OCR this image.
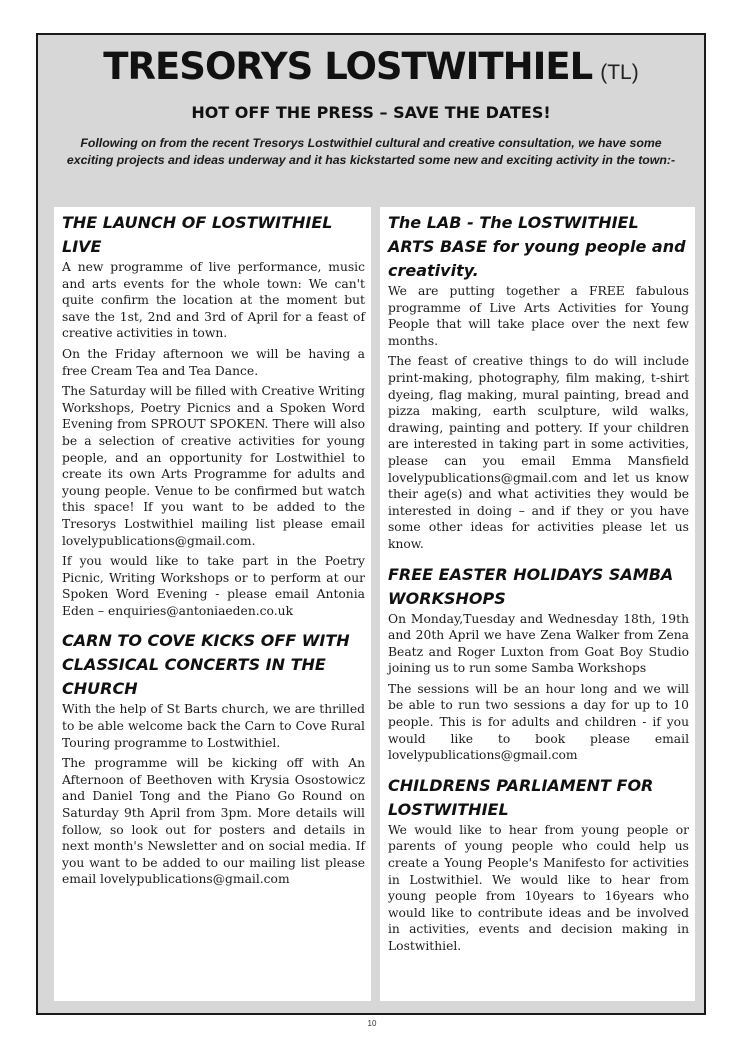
TRESORYS LOSTWITHIEL (TL)
HOT OFF THE PRESS – SAVE THE DATES!
Following on from the recent Tresorys Lostwithiel cultural and creative consultation, we have some exciting projects and ideas underway and it has kickstarted some new and exciting activity in the town:-
THE LAUNCH OF LOSTWITHIEL LIVE

A new programme of live performance, music and arts events for the whole town: We can't quite confirm the location at the moment but save the 1st, 2nd and 3rd of April for a feast of creative activities in town.

On the Friday afternoon we will be having a free Cream Tea and Tea Dance.

The Saturday will be filled with Creative Writing Workshops, Poetry Picnics and a Spoken Word Evening from SPROUT SPOKEN. There will also be a selection of creative activities for young people, and an opportunity for Lostwithiel to create its own Arts Programme for adults and young people. Venue to be confirmed but watch this space! If you want to be added to the Tresorys Lostwithiel mailing list please email lovelypublications@gmail.com.

If you would like to take part in the Poetry Picnic, Writing Workshops or to perform at our Spoken Word Evening - please email Antonia Eden – enquiries@antoniaeden.co.uk

CARN TO COVE KICKS OFF WITH CLASSICAL CONCERTS IN THE CHURCH

With the help of St Barts church, we are thrilled to be able welcome back the Carn to Cove Rural Touring programme to Lostwithiel.

The programme will be kicking off with An Afternoon of Beethoven with Krysia Osostowicz and Daniel Tong and the Piano Go Round on Saturday 9th April from 3pm. More details will follow, so look out for posters and details in next month's Newsletter and on social media. If you want to be added to our mailing list please email lovelypublications@gmail.com

The LAB - The LOSTWITHIEL ARTS BASE for young people and creativity.

We are putting together a FREE fabulous programme of Live Arts Activities for Young People that will take place over the next few months.

The feast of creative things to do will include print-making, photography, film making, t-shirt dyeing, flag making, mural painting, bread and pizza making, earth sculpture, wild walks, drawing, painting and pottery. If your children are interested in taking part in some activities, please can you email Emma Mansfield lovelypublications@gmail.com and let us know their age(s) and what activities they would be interested in doing – and if they or you have some other ideas for activities please let us know.

FREE EASTER HOLIDAYS SAMBA WORKSHOPS

On Monday,Tuesday and Wednesday 18th, 19th and 20th April we have Zena Walker from Zena Beatz and Roger Luxton from Goat Boy Studio joining us to run some Samba Workshops

The sessions will be an hour long and we will be able to run two sessions a day for up to 10 people. This is for adults and children - if you would like to book please email lovelypublications@gmail.com

CHILDRENS PARLIAMENT FOR LOSTWITHIEL

We would like to hear from young people or parents of young people who could help us create a Young People's Manifesto for activities in Lostwithiel. We would like to hear from young people from 10years to 16years who would like to contribute ideas and be involved in activities, events and decision making in Lostwithiel.

10
